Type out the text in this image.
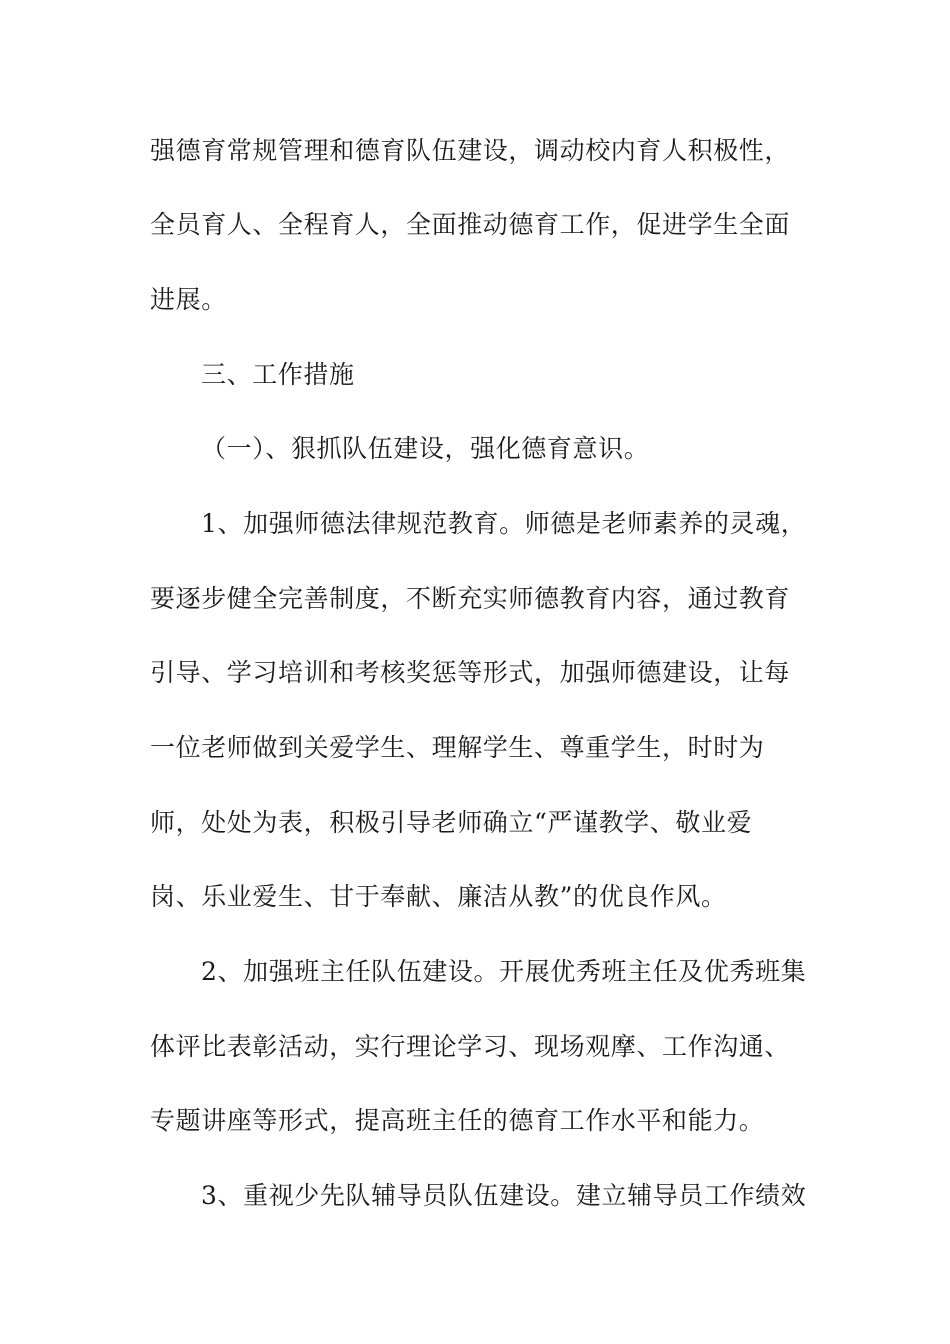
强德育常规管理和德育队伍建设，调动校内育人积极性，
全员育人、全程育人，全面推动德育工作，促进学生全面
进展。
三、工作措施
（一）、狠抓队伍建设，强化德育意识。
1、加强师德法律规范教育。师德是老师素养的灵魂，
要逐步健全完善制度，不断充实师德教育内容，通过教育
引导、学习培训和考核奖惩等形式，加强师德建设，让每
一位老师做到关爱学生、理解学生、尊重学生，时时为
师，处处为表，积极引导老师确立“严谨教学、敬业爱
岗、乐业爱生、甘于奉献、廉洁从教”的优良作风。
2、加强班主任队伍建设。开展优秀班主任及优秀班集
体评比表彰活动，实行理论学习、现场观摩、工作沟通、
专题讲座等形式，提高班主任的德育工作水平和能力。
3、重视少先队辅导员队伍建设。建立辅导员工作绩效
